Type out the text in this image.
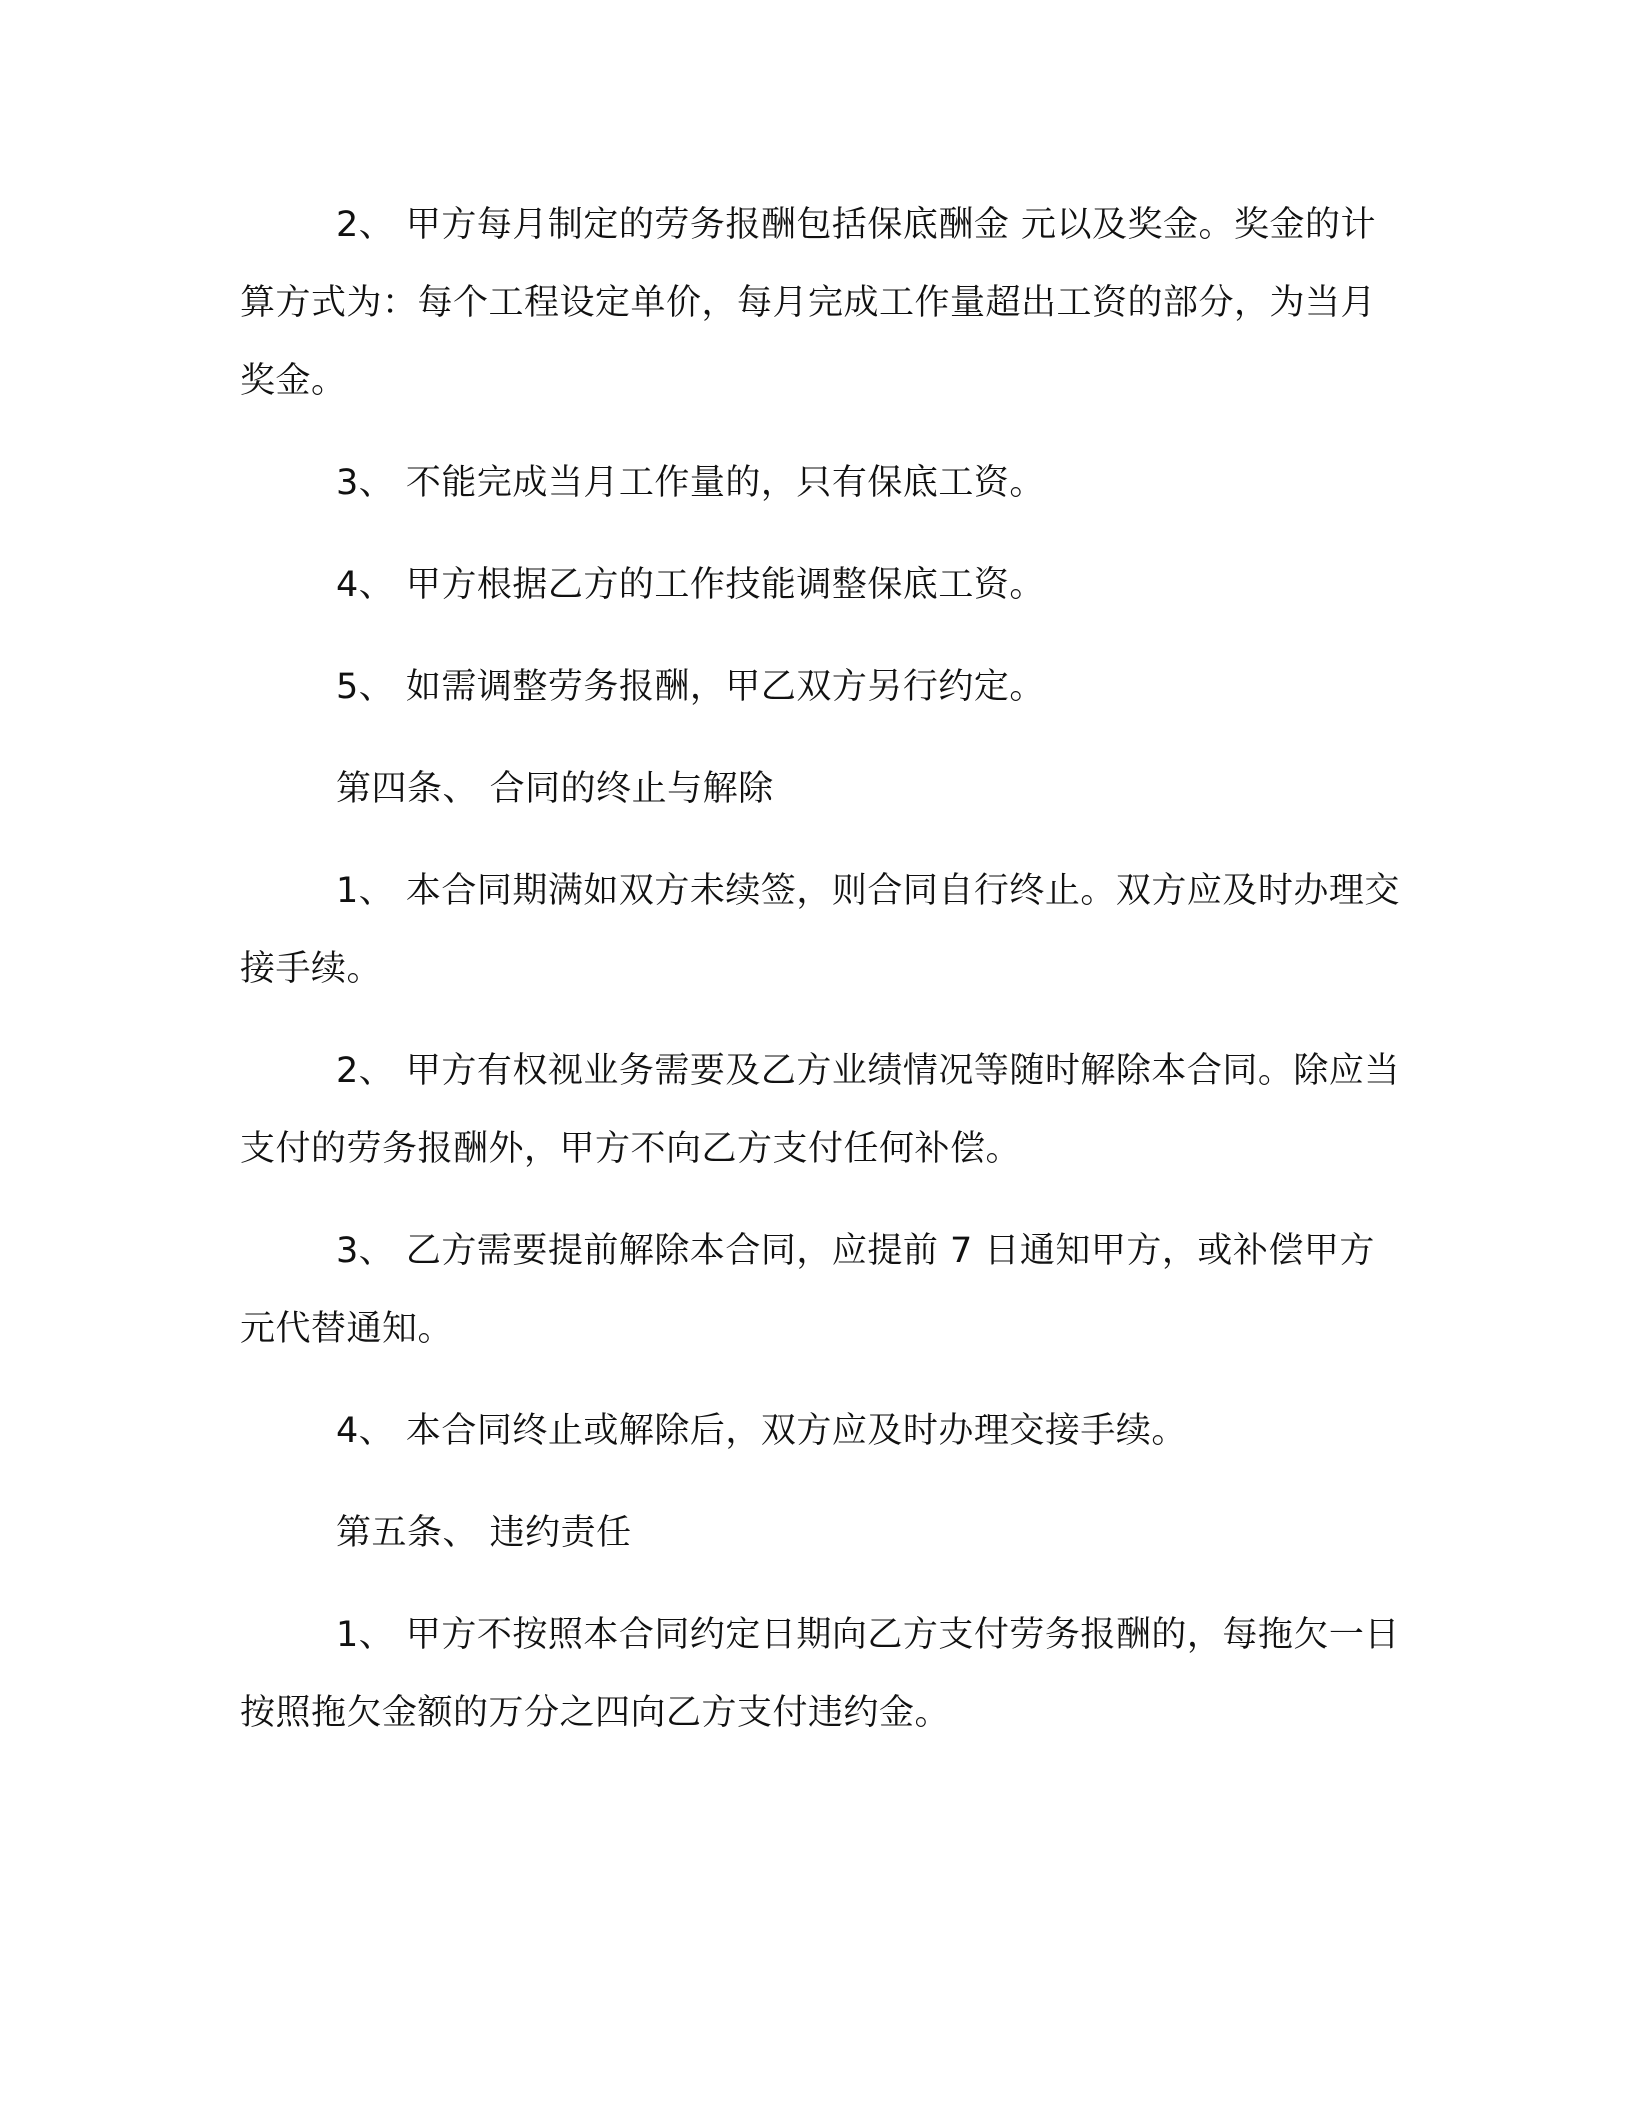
2、 甲方每月制定的劳务报酬包括保底酬金 元以及奖金。奖金的计算方式为：每个工程设定单价，每月完成工作量超出工资的部分，为当月奖金。

3、 不能完成当月工作量的，只有保底工资。

4、 甲方根据乙方的工作技能调整保底工资。

5、 如需调整劳务报酬，甲乙双方另行约定。

第四条、 合同的终止与解除

1、 本合同期满如双方未续签，则合同自行终止。双方应及时办理交接手续。

2、 甲方有权视业务需要及乙方业绩情况等随时解除本合同。除应当支付的劳务报酬外，甲方不向乙方支付任何补偿。

3、 乙方需要提前解除本合同，应提前 7 日通知甲方，或补偿甲方 元代替通知。

4、 本合同终止或解除后，双方应及时办理交接手续。

第五条、 违约责任

1、 甲方不按照本合同约定日期向乙方支付劳务报酬的，每拖欠一日按照拖欠金额的万分之四向乙方支付违约金。
